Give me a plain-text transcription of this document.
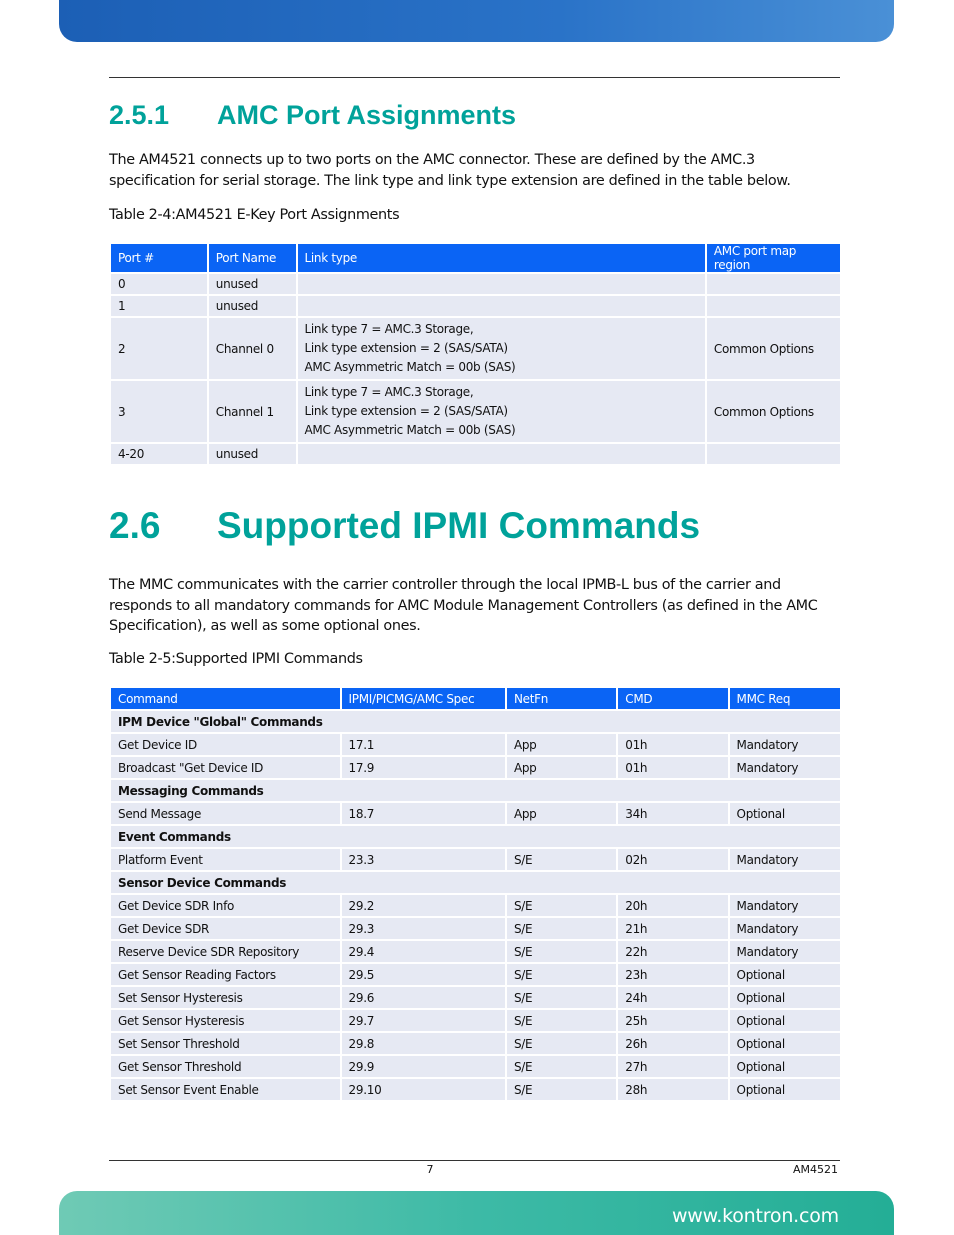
2.5.1 AMC Port Assignments

The AM4521 connects up to two ports on the AMC connector. These are defined by the AMC.3 specification for serial storage. The link type and link type extension are defined in the table below.

Table 2-4:AM4521 E-Key Port Assignments

Port #	Port Name	Link type	AMC port map region
0	unused		
1	unused		
2	Channel 0	Link type 7 = AMC.3 Storage,
Link type extension = 2 (SAS/SATA)
AMC Asymmetric Match = 00b (SAS)	Common Options
3	Channel 1	Link type 7 = AMC.3 Storage,
Link type extension = 2 (SAS/SATA)
AMC Asymmetric Match = 00b (SAS)	Common Options
4-20	unused		
2.6 Supported IPMI Commands

The MMC communicates with the carrier controller through the local IPMB-L bus of the carrier and responds to all mandatory commands for AMC Module Management Controllers (as defined in the AMC Specification), as well as some optional ones.

Table 2-5:Supported IPMI Commands

Command	IPMI/PICMG/AMC Spec	NetFn	CMD	MMC Req
IPM Device "Global" Commands				
Get Device ID	17.1	App	01h	Mandatory
Broadcast "Get Device ID	17.9	App	01h	Mandatory
Messaging Commands				
Send Message	18.7	App	34h	Optional
Event Commands				
Platform Event	23.3	S/E	02h	Mandatory
Sensor Device Commands				
Get Device SDR Info	29.2	S/E	20h	Mandatory
Get Device SDR	29.3	S/E	21h	Mandatory
Reserve Device SDR Repository	29.4	S/E	22h	Mandatory
Get Sensor Reading Factors	29.5	S/E	23h	Optional
Set Sensor Hysteresis	29.6	S/E	24h	Optional
Get Sensor Hysteresis	29.7	S/E	25h	Optional
Set Sensor Threshold	29.8	S/E	26h	Optional
Get Sensor Threshold	29.9	S/E	27h	Optional
Set Sensor Event Enable	29.10	S/E	28h	Optional
7	AM4521
www.kontron.com
